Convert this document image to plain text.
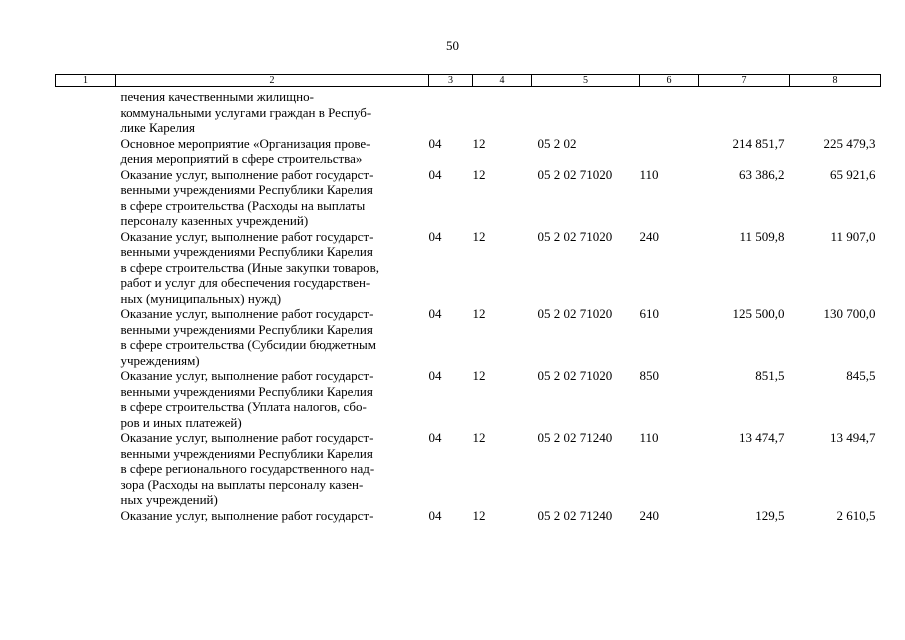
50
1	2	3	4	5	6	7	8
	печения качественными жилищно-
коммунальными услугами граждан в Респуб-
лике Карелия						
	Основное мероприятие «Организация прове-
дения мероприятий в сфере строительства»	04	12	05 2 02		214 851,7	225 479,3
	Оказание услуг, выполнение работ государст-
венными учреждениями Республики Карелия
в сфере строительства (Расходы на выплаты
персоналу казенных учреждений)	04	12	05 2 02 71020	110	63 386,2	65 921,6
	Оказание услуг, выполнение работ государст-
венными учреждениями Республики Карелия
в сфере строительства (Иные закупки товаров,
работ и услуг для обеспечения государствен-
ных (муниципальных) нужд)	04	12	05 2 02 71020	240	11 509,8	11 907,0
	Оказание услуг, выполнение работ государст-
венными учреждениями Республики Карелия
в сфере строительства (Субсидии бюджетным
учреждениям)	04	12	05 2 02 71020	610	125 500,0	130 700,0
	Оказание услуг, выполнение работ государст-
венными учреждениями Республики Карелия
в сфере строительства (Уплата налогов, сбо-
ров и иных платежей)	04	12	05 2 02 71020	850	851,5	845,5
	Оказание услуг, выполнение работ государст-
венными учреждениями Республики Карелия
в сфере регионального государственного над-
зора (Расходы на выплаты персоналу казен-
ных учреждений)	04	12	05 2 02 71240	110	13 474,7	13 494,7
	Оказание услуг, выполнение работ государст-	04	12	05 2 02 71240	240	129,5	2 610,5
